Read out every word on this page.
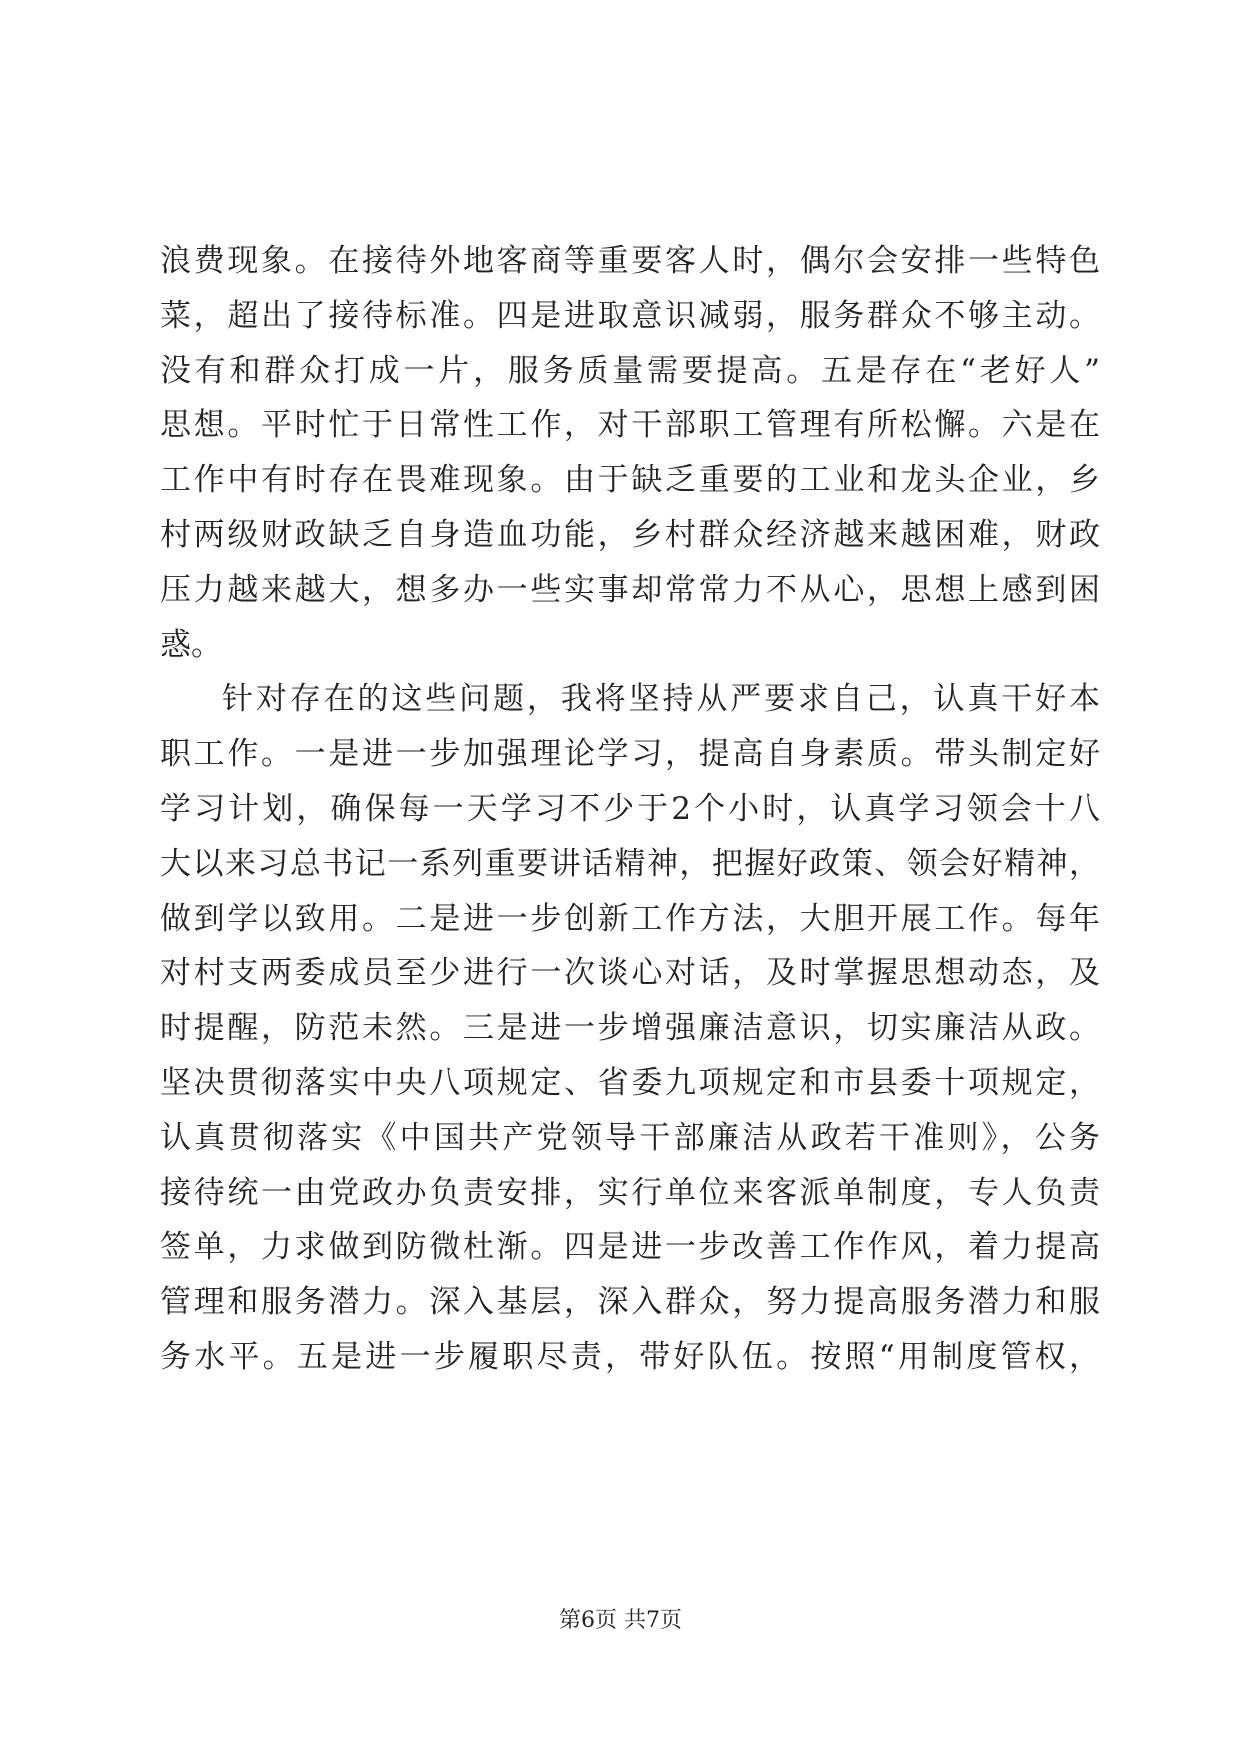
浪费现象。在接待外地客商等重要客人时，偶尔会安排一些特色
菜，超出了接待标准。四是进取意识减弱，服务群众不够主动。
没有和群众打成一片，服务质量需要提高。五是存在“老好人”
思想。平时忙于日常性工作，对干部职工管理有所松懈。六是在
工作中有时存在畏难现象。由于缺乏重要的工业和龙头企业，乡
村两级财政缺乏自身造血功能，乡村群众经济越来越困难，财政
压力越来越大，想多办一些实事却常常力不从心，思想上感到困
惑。
针对存在的这些问题，我将坚持从严要求自己，认真干好本
职工作。一是进一步加强理论学习，提高自身素质。带头制定好
学习计划，确保每一天学习不少于2个小时，认真学习领会十八
大以来习总书记一系列重要讲话精神，把握好政策、领会好精神，
做到学以致用。二是进一步创新工作方法，大胆开展工作。每年
对村支两委成员至少进行一次谈心对话，及时掌握思想动态，及
时提醒，防范未然。三是进一步增强廉洁意识，切实廉洁从政。
坚决贯彻落实中央八项规定、省委九项规定和市县委十项规定，
认真贯彻落实《中国共产党领导干部廉洁从政若干准则》，公务
接待统一由党政办负责安排，实行单位来客派单制度，专人负责
签单，力求做到防微杜渐。四是进一步改善工作作风，着力提高
管理和服务潜力。深入基层，深入群众，努力提高服务潜力和服
务水平。五是进一步履职尽责，带好队伍。按照“用制度管权，
第6页 共7页
